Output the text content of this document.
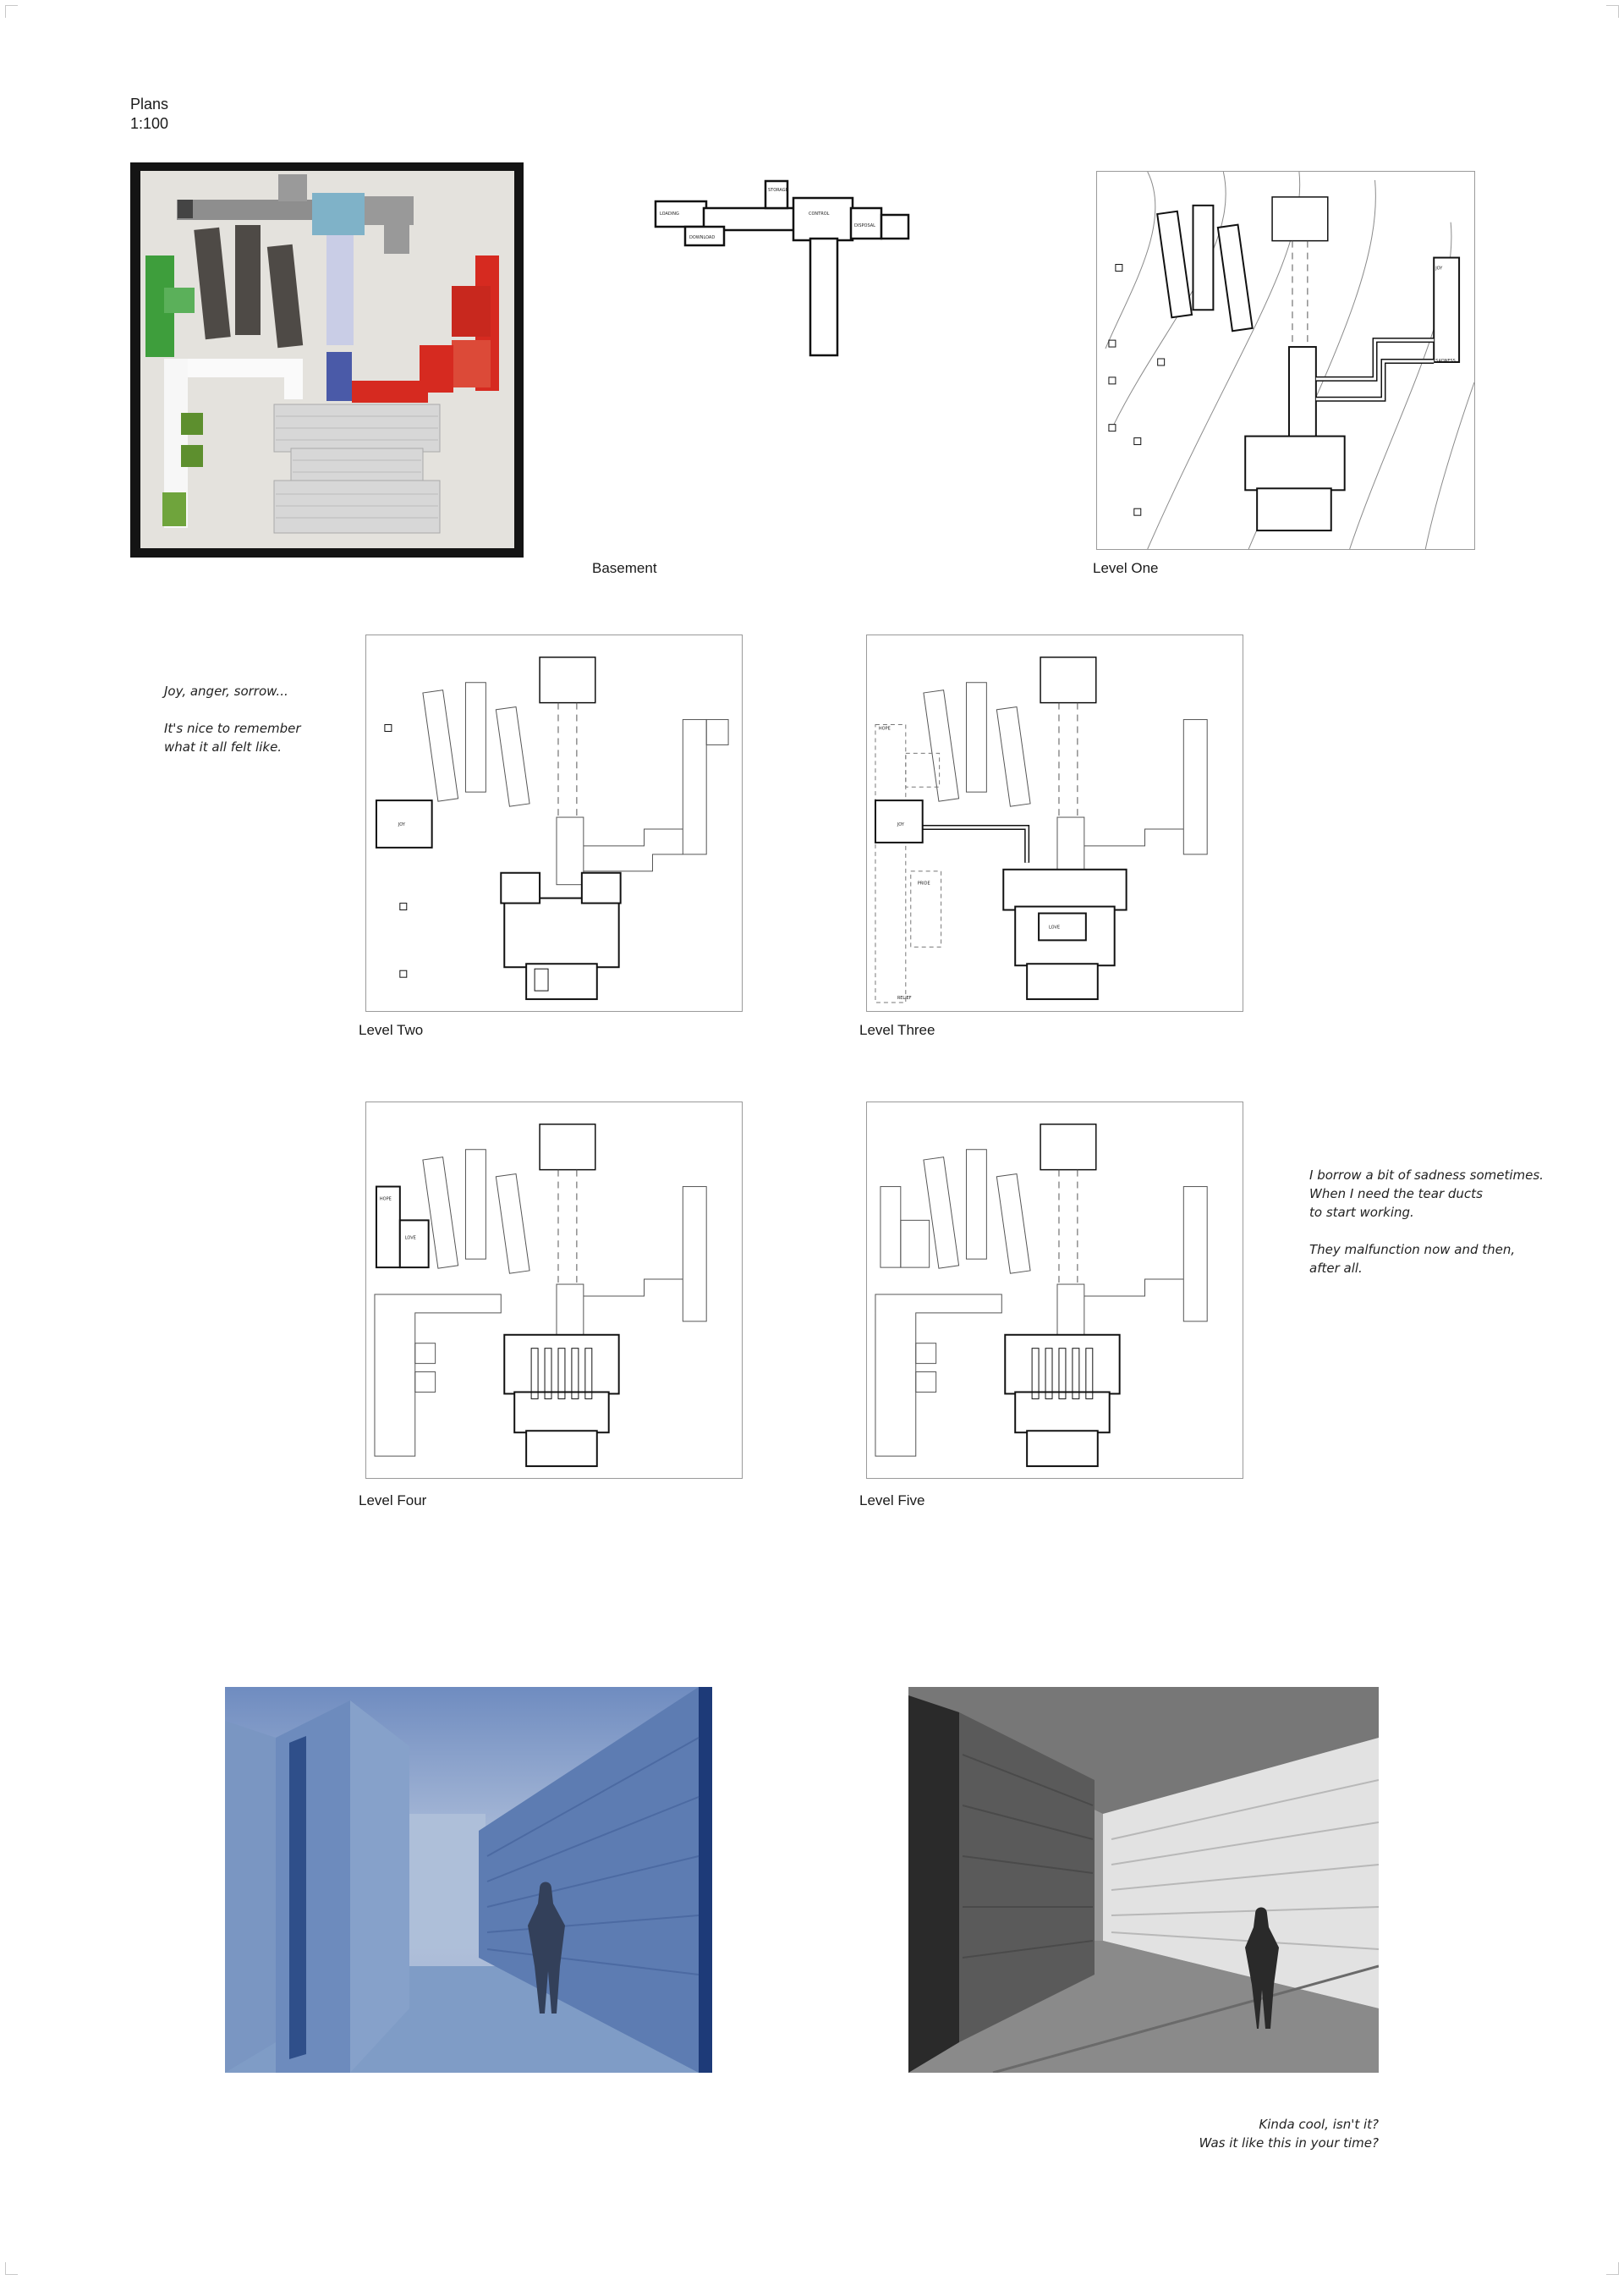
Plans
1:100
LOADING
STORAGE
CONTROL
DOWNLOAD
DISPOSAL
Basement
JOY
SADNESS
Level One

Joy, anger, sorrow...

It's nice to remember
what it all felt like.

JOY
Level Two
HOPE
JOY
PRIDE
RELIEF
LOVE
Level Three
HOPE
LOVE
Level Four	Level Five

I borrow a bit of sadness sometimes.
When I need the tear ducts
to start working.

They malfunction now and then,
after all.

Kinda cool, isn't it?
Was it like this in your time?
